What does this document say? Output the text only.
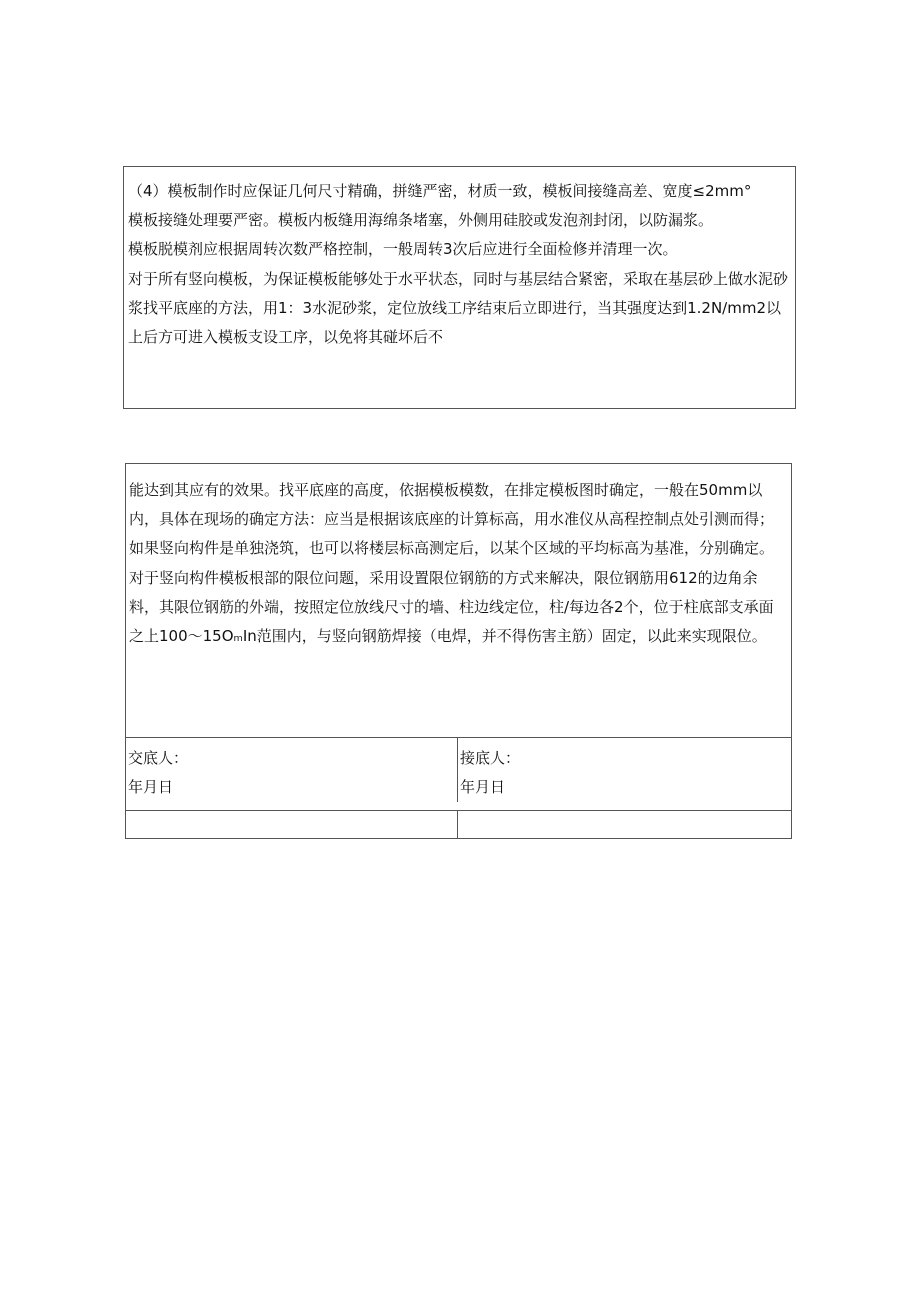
（4）模板制作时应保证几何尺寸精确，拼缝严密，材质一致，模板间接缝高差、宽度≤2mm°

模板接缝处理要严密。模板内板缝用海绵条堵塞，外侧用硅胶或发泡剂封闭，以防漏浆。

模板脱模剂应根据周转次数严格控制，一般周转3次后应进行全面检修并清理一次。

对于所有竖向模板，为保证模板能够处于水平状态，同时与基层结合紧密，采取在基层砂上做水泥砂浆找平底座的方法，用1：3水泥砂浆，定位放线工序结束后立即进行，当其强度达到1.2N∕mm2以上后方可进入模板支设工序，以免将其碰坏后不

能达到其应有的效果。找平底座的高度，依据模板模数，在排定模板图时确定，一般在50mm以内，具体在现场的确定方法：应当是根据该底座的计算标高，用水准仪从高程控制点处引测而得；如果竖向构件是单独浇筑，也可以将楼层标高测定后，以某个区域的平均标高为基准，分别确定。

对于竖向构件模板根部的限位问题，采用设置限位钢筋的方式来解决，限位钢筋用612的边角余料，其限位钢筋的外端，按照定位放线尺寸的墙、柱边线定位，柱/每边各2个，位于柱底部支承面之上100～15OₘIn范围内，与竖向钢筋焊接（电焊，并不得伤害主筋）固定，以此来实现限位。

交底人：
年月日
接底人：
年月日
